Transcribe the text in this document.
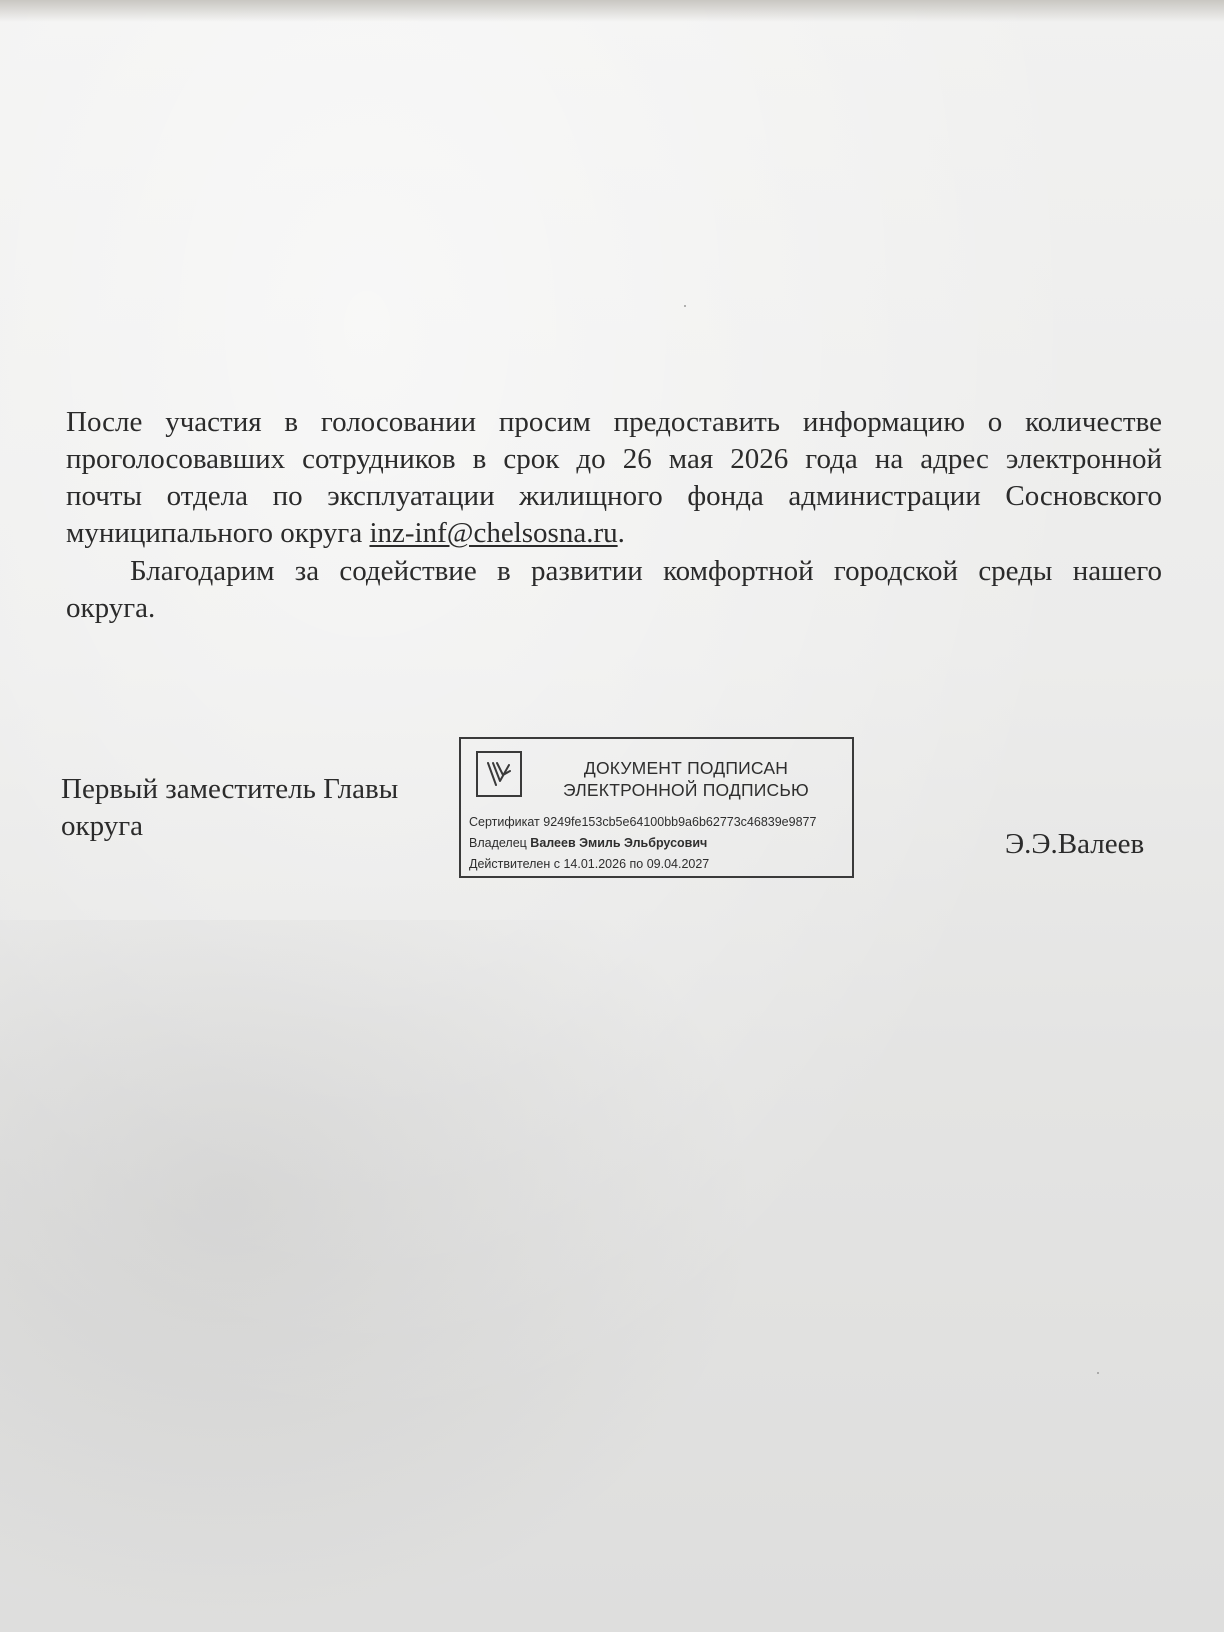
После участия в голосовании просим предоставить информацию о количестве
проголосовавших сотрудников в срок до 26 мая 2026 года на адрес электронной
почты отдела по эксплуатации жилищного фонда администрации Сосновского
муниципального округа inz-inf@chelsosna.ru.
Благодарим за содействие в развитии комфортной городской среды нашего
округа.
Первый заместитель Главы
округа
ДОКУМЕНТ ПОДПИСАН
ЭЛЕКТРОННОЙ ПОДПИСЬЮ
Сертификат 9249fe153cb5e64100bb9a6b62773c46839e9877
Владелец Валеев Эмиль Эльбрусович
Действителен с 14.01.2026 по 09.04.2027
Э.Э.Валеев
